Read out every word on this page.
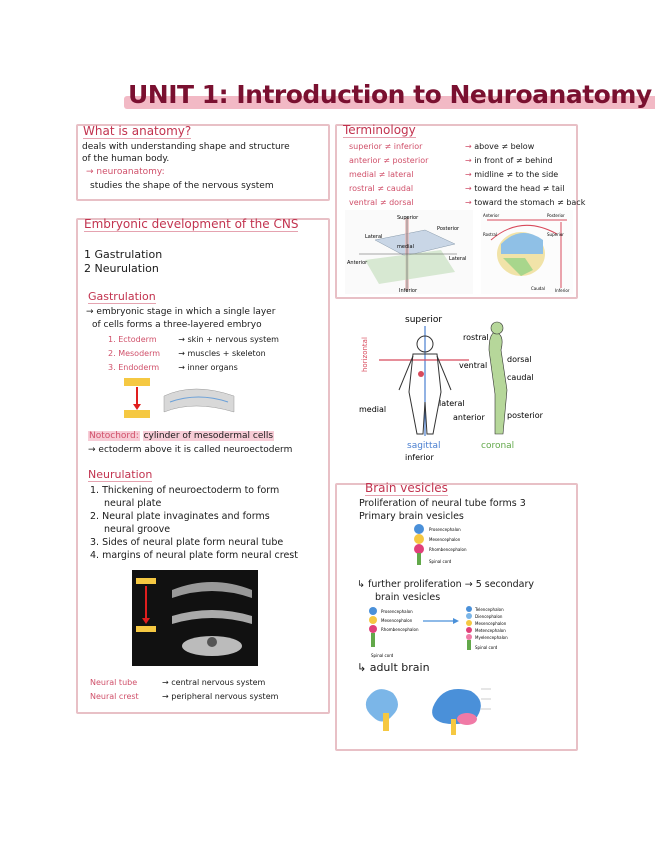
UNIT 1: Introduction to Neuroanatomy
What is anatomy?
deals with understanding shape and structure
of the human body.
→ neuroanatomy:
studies the shape of the nervous system
Terminology
superior ≠ inferior	→ above ≠ below
anterior ≠ posterior	→ in front of ≠ behind
medial ≠ lateral	→ midline ≠ to the side
rostral ≠ caudal	→ toward the head ≠ tail
ventral ≠ dorsal	→ toward the stomach ≠ back
Superior
Posterior
Lateral
medial
Anterior
Lateral
Inferior
Anterior	Posterior
Rostral	Superior
Caudal	Inferior
superior
horizontal	rostral
dorsal
ventral
caudal
medial
lateral
anterior	posterior
sagittal
inferior
coronal
Embryonic development of the CNS
1 Gastrulation
2 Neurulation
Gastrulation
→ embryonic stage in which a single layer
of cells forms a three-layered embryo
1. Ectoderm	→ skin + nervous system
2. Mesoderm → muscles + skeleton
3. Endoderm → inner organs
Notochord: cylinder of mesodermal cells
→ ectoderm above it is called neuroectoderm
Neurulation
1. Thickening of neuroectoderm to form
neural plate
2. Neural plate invaginates and forms
neural groove
3. Sides of neural plate form neural tube
4. margins of neural plate form neural crest
Neural tube	→ central nervous system
Neural crest	→ peripheral nervous system
Brain vesicles
Proliferation of neural tube forms 3
Primary brain vesicles
Prosencephalon
Mesencephalon
Rhombencephalon
Spinal cord
↳ further proliferation → 5 secondary
brain vesicles
Prosencephalon
Mesencephalon
Rhombencephalon
Spinal cord
Telencephalon
Diencephalon
Mesencephalon
Metencephalon
Myelencephalon
Spinal cord
↳ adult brain
